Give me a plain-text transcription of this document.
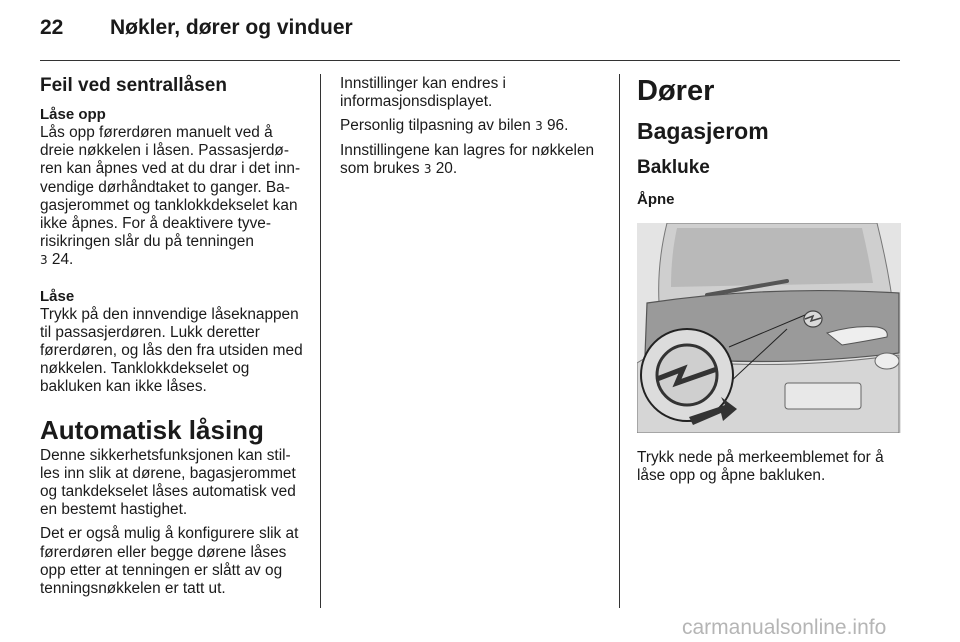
22 Nøkler, dører og vinduer
Feil ved sentrallåsen
Låse opp
Lås opp førerdøren manuelt ved å dreie nøkkelen i låsen. Passasjerdøren kan åpnes ved at du drar i det innvendige dørhåndtaket to ganger. Bagasjerommet og tanklokkdekselet kan ikke åpnes. For å deaktivere tyverisikringen slår du på tenningen
3 24.
Låse
Trykk på den innvendige låseknappen til passasjerdøren. Lukk deretter førerdøren, og lås den fra utsiden med nøkkelen. Tanklokkdekselet og bakluken kan ikke låses.
Automatisk låsing
Denne sikkerhetsfunksjonen kan stilles inn slik at dørene, bagasjerommet og tankdekselet låses automatisk ved en bestemt hastighet.
Det er også mulig å konfigurere slik at førerdøren eller begge dørene låses opp etter at tenningen er slått av og tenningsnøkkelen er tatt ut.
Innstillinger kan endres i informasjonsdisplayet.
Personlig tilpasning av bilen 3 96.
Innstillingene kan lagres for nøkkelen som brukes 3 20.
Dører
Bagasjerom
Bakluke
Åpne
Trykk nede på merkeemblemet for å låse opp og åpne bakluken.
carmanualsonline.info
